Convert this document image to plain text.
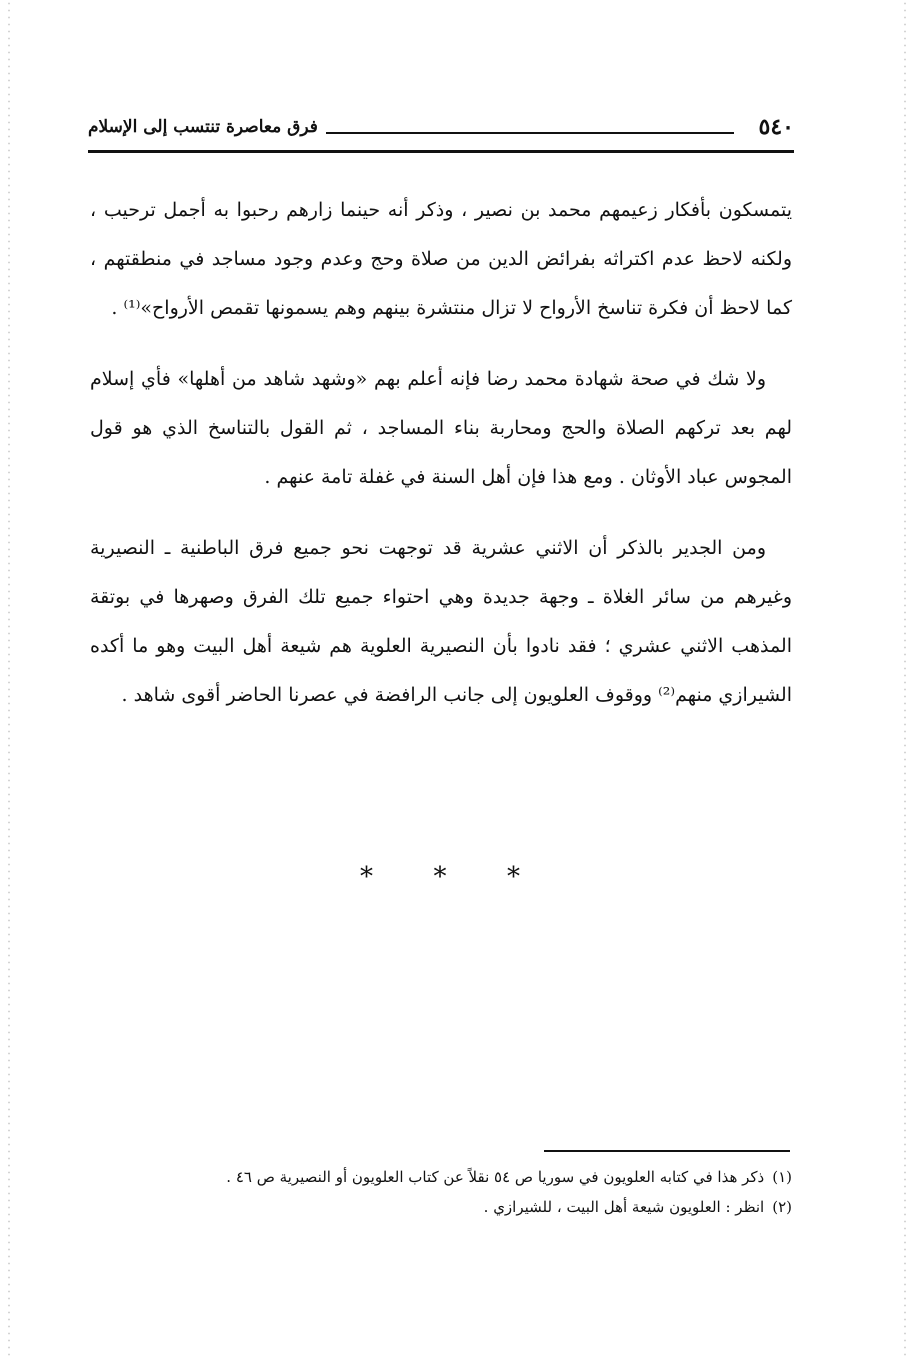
٥٤٠
فرق معاصرة تنتسب إلى الإسلام

يتمسكون بأفكار زعيمهم محمد بن نصير ، وذكر أنه حينما زارهم رحبوا به أجمل ترحيب ، ولكنه لاحظ عدم اكتراثه بفرائض الدين من صلاة وحج وعدم وجود مساجد في منطقتهم ، كما لاحظ أن فكرة تناسخ الأرواح لا تزال منتشرة بينهم وهم يسمونها تقمص الأرواح»⁽¹⁾ .

ولا شك في صحة شهادة محمد رضا فإنه أعلم بهم «وشهد شاهد من أهلها» فأي إسلام لهم بعد تركهم الصلاة والحج ومحاربة بناء المساجد ، ثم القول بالتناسخ الذي هو قول المجوس عباد الأوثان . ومع هذا فإن أهل السنة في غفلة تامة عنهم .

ومن الجدير بالذكر أن الاثني عشرية قد توجهت نحو جميع فرق الباطنية ـ النصيرية وغيرهم من سائر الغلاة ـ وجهة جديدة وهي احتواء جميع تلك الفرق وصهرها في بوتقة المذهب الاثني عشري ؛ فقد نادوا بأن النصيرية العلوية هم شيعة أهل البيت وهو ما أكده الشيرازي منهم⁽²⁾ ووقوف العلويون إلى جانب الرافضة في عصرنا الحاضر أقوى شاهد .

* * *
(١)ذكر هذا في كتابه العلويون في سوريا ص ٥٤ نقلاً عن كتاب العلويون أو النصيرية ص ٤٦ .
(٢)انظر : العلويون شيعة أهل البيت ، للشيرازي .
